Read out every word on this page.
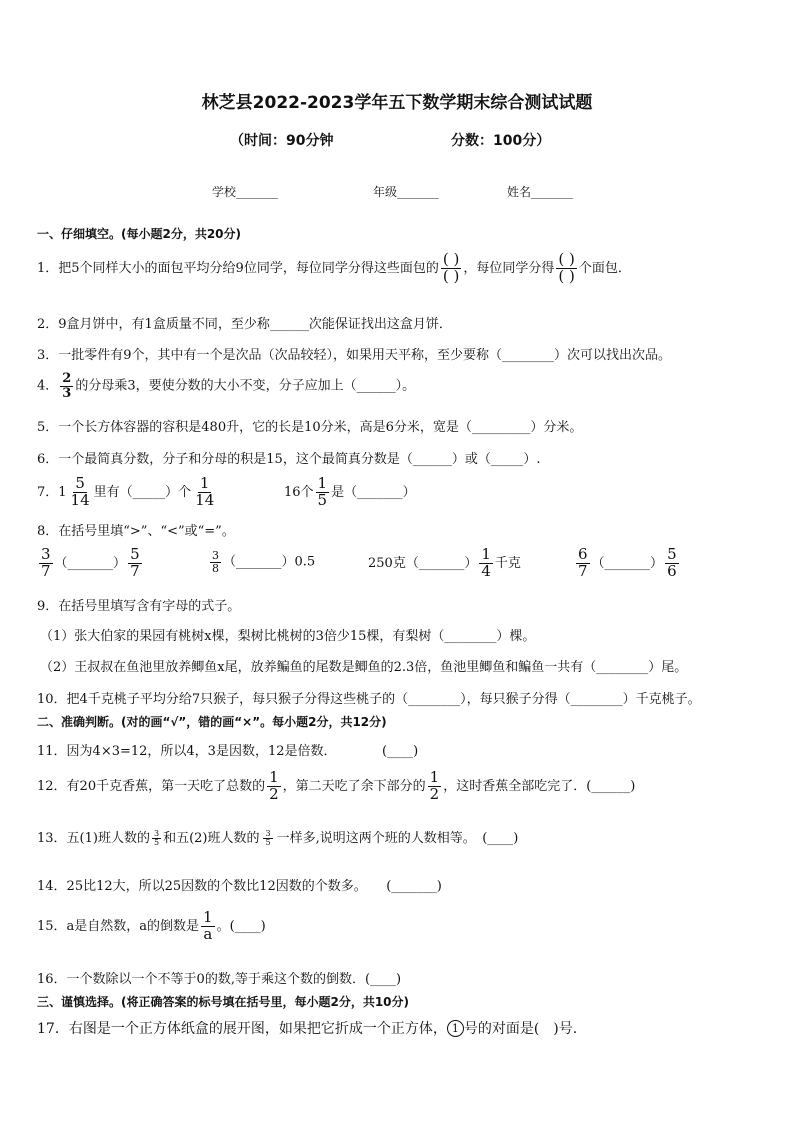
林芝县2022-2023学年五下数学期末综合测试试题
（时间：90分钟	分数：100分）
学校_______	年级_______	姓名_______
一、仔细填空。(每小题2分，共20分)
1．把5个同样大小的面包平均分给9位同学，每位同学分得这些面包的 $\frac{( )}{( )}$ ，每位同学分得 $\frac{( )}{( )}$ 个面包．
2．9盒月饼中，有1盒质量不同，至少称______次能保证找出这盒月饼．
3．一批零件有9个，其中有一个是次品（次品较轻），如果用天平称，至少要称（________）次可以找出次品。
4． $\frac{2}{3}$ 的分母乘3，要使分数的大小不变，分子应加上（______）。
5．一个长方体容器的容积是480升，它的长是10分米，高是6分米，宽是（_________）分米。
6．一个最简真分数，分子和分母的积是15，这个最简真分数是（______）或（_____）.
7．$1 \frac{5}{14}$ 里有（_____）个 $\frac{1}{14}$	16个 $\frac{1}{5}$ 是（_______）
8．在括号里填“>”、“<”或“=”。
$\frac{3}{7}$ （_______） $\frac{5}{7}$	$\frac{3}{8}$ （_______）0.5	250克（_______） $\frac{1}{4}$ 千克	$\frac{6}{7}$ （_______） $\frac{5}{6}$
9．在括号里填写含有字母的式子。
（1）张大伯家的果园有桃树x棵，梨树比桃树的3倍少15棵，有梨树（________）棵。
（2）王叔叔在鱼池里放养鲫鱼x尾，放养鳊鱼的尾数是鲫鱼的2.3倍，鱼池里鲫鱼和鳊鱼一共有（________）尾。
10．把4千克桃子平均分给7只猴子，每只猴子分得这些桃子的（________），每只猴子分得（________）千克桃子。
二、准确判断。(对的画“√”，错的画“×”。每小题2分，共12分)
11．因为4×3=12，所以4，3是因数，12是倍数．　　　　(____)
12．有20千克香蕉，第一天吃了总数的 $\frac{1}{2}$ ，第二天吃了余下部分的 $\frac{1}{2}$ ，这时香蕉全部吃完了．(______)
13．五(1)班人数的 $\frac{3}{5}$ 和五(2)班人数的 $\frac{3}{5}$ 一样多,说明这两个班的人数相等。　(____)
14．25比12大，所以25因数的个数比12因数的个数多。　　(_______)
15．a是自然数，a的倒数是 $\frac{1}{a}$ 。(____)
16．一个数除以一个不等于0的数,等于乘这个数的倒数．(____)
三、谨慎选择。(将正确答案的标号填在括号里，每小题2分，共10分)
17．右图是一个正方体纸盒的展开图，如果把它折成一个正方体， 1 号的对面是(　)号.
